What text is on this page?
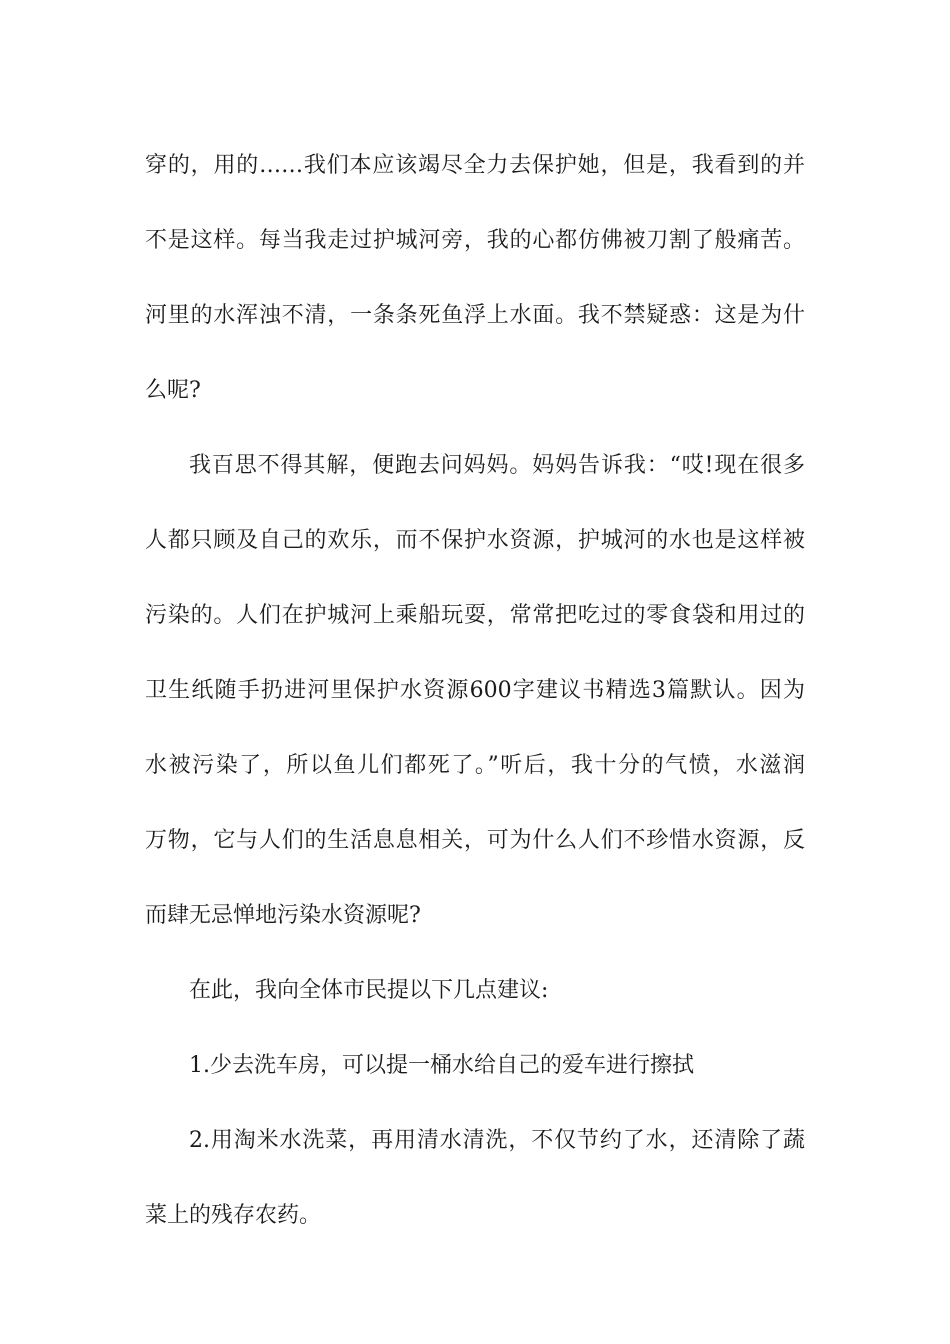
穿的，用的……我们本应该竭尽全力去保护她，但是，我看到的并
不是这样。每当我走过护城河旁，我的心都仿佛被刀割了般痛苦。
河里的水浑浊不清，一条条死鱼浮上水面。我不禁疑惑：这是为什
么呢?
我百思不得其解，便跑去问妈妈。妈妈告诉我：“哎!现在很多
人都只顾及自己的欢乐，而不保护水资源，护城河的水也是这样被
污染的。人们在护城河上乘船玩耍，常常把吃过的零食袋和用过的
卫生纸随手扔进河里保护水资源600字建议书精选3篇默认。因为
水被污染了，所以鱼儿们都死了。”听后，我十分的气愤，水滋润
万物，它与人们的生活息息相关，可为什么人们不珍惜水资源，反
而肆无忌惮地污染水资源呢?
在此，我向全体市民提以下几点建议:
1.少去洗车房，可以提一桶水给自己的爱车进行擦拭
2.用淘米水洗菜，再用清水清洗，不仅节约了水，还清除了蔬
菜上的残存农药。
